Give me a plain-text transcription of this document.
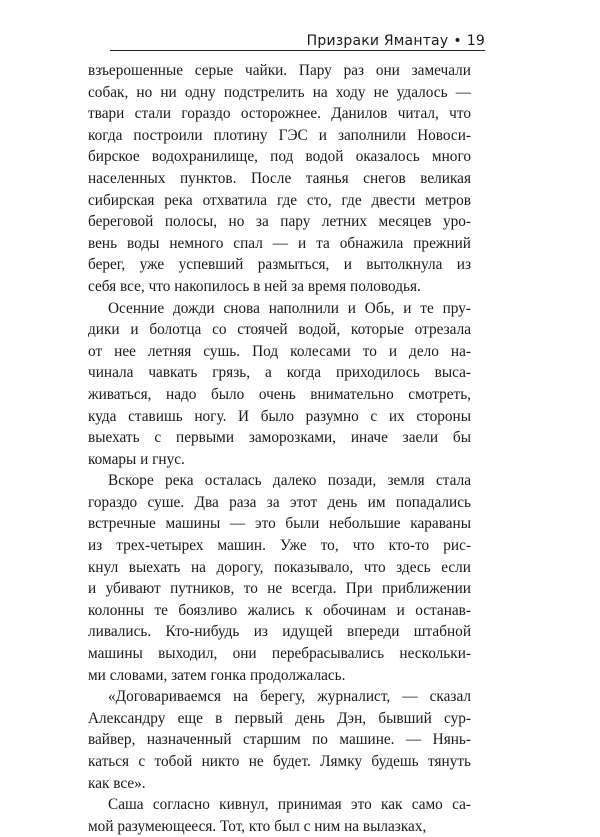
Призраки Ямантау • 19

взъерошенные серые чайки. Пару раз они замечали
собак, но ни одну подстрелить на ходу не удалось —
твари стали гораздо осторожнее. Данилов читал, что
когда построили плотину ГЭС и заполнили Новоси-
бирское водохранилище, под водой оказалось много
населенных пунктов. После таянья снегов великая
сибирская река отхватила где сто, где двести метров
береговой полосы, но за пару летних месяцев уро-
вень воды немного спал — и та обнажила прежний
берег, уже успевший размыться, и вытолкнула из
себя все, что накопилось в ней за время половодья.

Осенние дожди снова наполнили и Обь, и те пру-
дики и болотца со стоячей водой, которые отрезала
от нее летняя сушь. Под колесами то и дело на-
чинала чавкать грязь, а когда приходилось выса-
живаться, надо было очень внимательно смотреть,
куда ставишь ногу. И было разумно с их стороны
выехать с первыми заморозками, иначе заели бы
комары и гнус.

Вскоре река осталась далеко позади, земля стала
гораздо суше. Два раза за этот день им попадались
встречные машины — это были небольшие караваны
из трех-четырех машин. Уже то, что кто-то рис-
кнул выехать на дорогу, показывало, что здесь если
и убивают путников, то не всегда. При приближении
колонны те боязливо жались к обочинам и останав-
ливались. Кто-нибудь из идущей впереди штабной
машины выходил, они перебрасывались нескольки-
ми словами, затем гонка продолжалась.

«Договариваемся на берегу, журналист, — сказал
Александру еще в первый день Дэн, бывший сур-
вайвер, назначенный старшим по машине. — Нянь-
каться с тобой никто не будет. Лямку будешь тянуть
как все».

Саша согласно кивнул, принимая это как само са-
мой разумеющееся. Тот, кто был с ним на вылазках,
